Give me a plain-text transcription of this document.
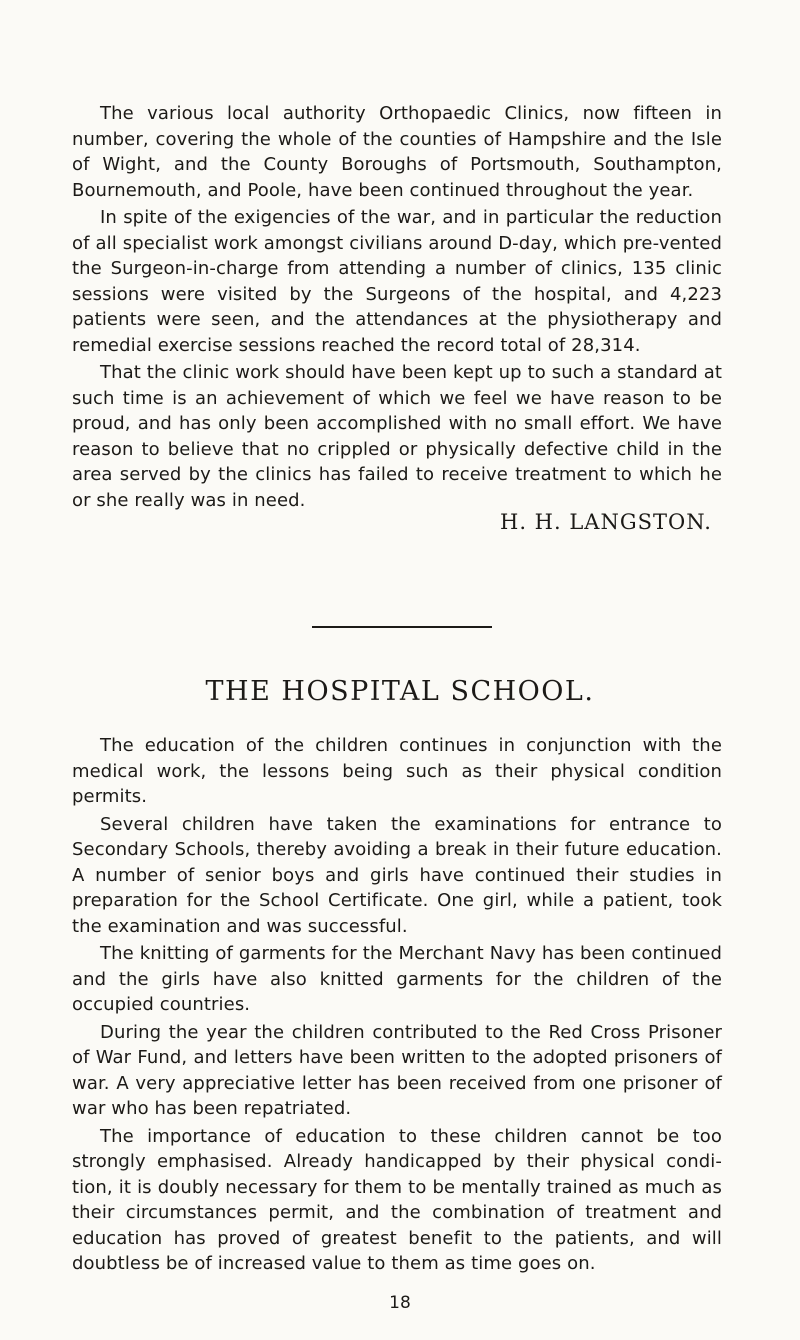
The various local authority Orthopaedic Clinics, now fifteen in number, covering the whole of the counties of Hampshire and the Isle of Wight, and the County Boroughs of Portsmouth, Southampton, Bournemouth, and Poole, have been continued throughout the year.

In spite of the exigencies of the war, and in particular the reduction of all specialist work amongst civilians around D-day, which pre-vented the Surgeon-in-charge from attending a number of clinics, 135 clinic sessions were visited by the Surgeons of the hospital, and 4,223 patients were seen, and the attendances at the physiotherapy and remedial exercise sessions reached the record total of 28,314.

That the clinic work should have been kept up to such a standard at such time is an achievement of which we feel we have reason to be proud, and has only been accomplished with no small effort. We have reason to believe that no crippled or physically defective child in the area served by the clinics has failed to receive treatment to which he or she really was in need.

H. H. LANGSTON.
THE HOSPITAL SCHOOL.

The education of the children continues in conjunction with the medical work, the lessons being such as their physical condition permits.

Several children have taken the examinations for entrance to Secondary Schools, thereby avoiding a break in their future education. A number of senior boys and girls have continued their studies in preparation for the School Certificate. One girl, while a patient, took the examination and was successful.

The knitting of garments for the Merchant Navy has been continued and the girls have also knitted garments for the children of the occupied countries.

During the year the children contributed to the Red Cross Prisoner of War Fund, and letters have been written to the adopted prisoners of war. A very appreciative letter has been received from one prisoner of war who has been repatriated.

The importance of education to these children cannot be too strongly emphasised. Already handicapped by their physical condi-tion, it is doubly necessary for them to be mentally trained as much as their circumstances permit, and the combination of treatment and education has proved of greatest benefit to the patients, and will doubtless be of increased value to them as time goes on.

18
